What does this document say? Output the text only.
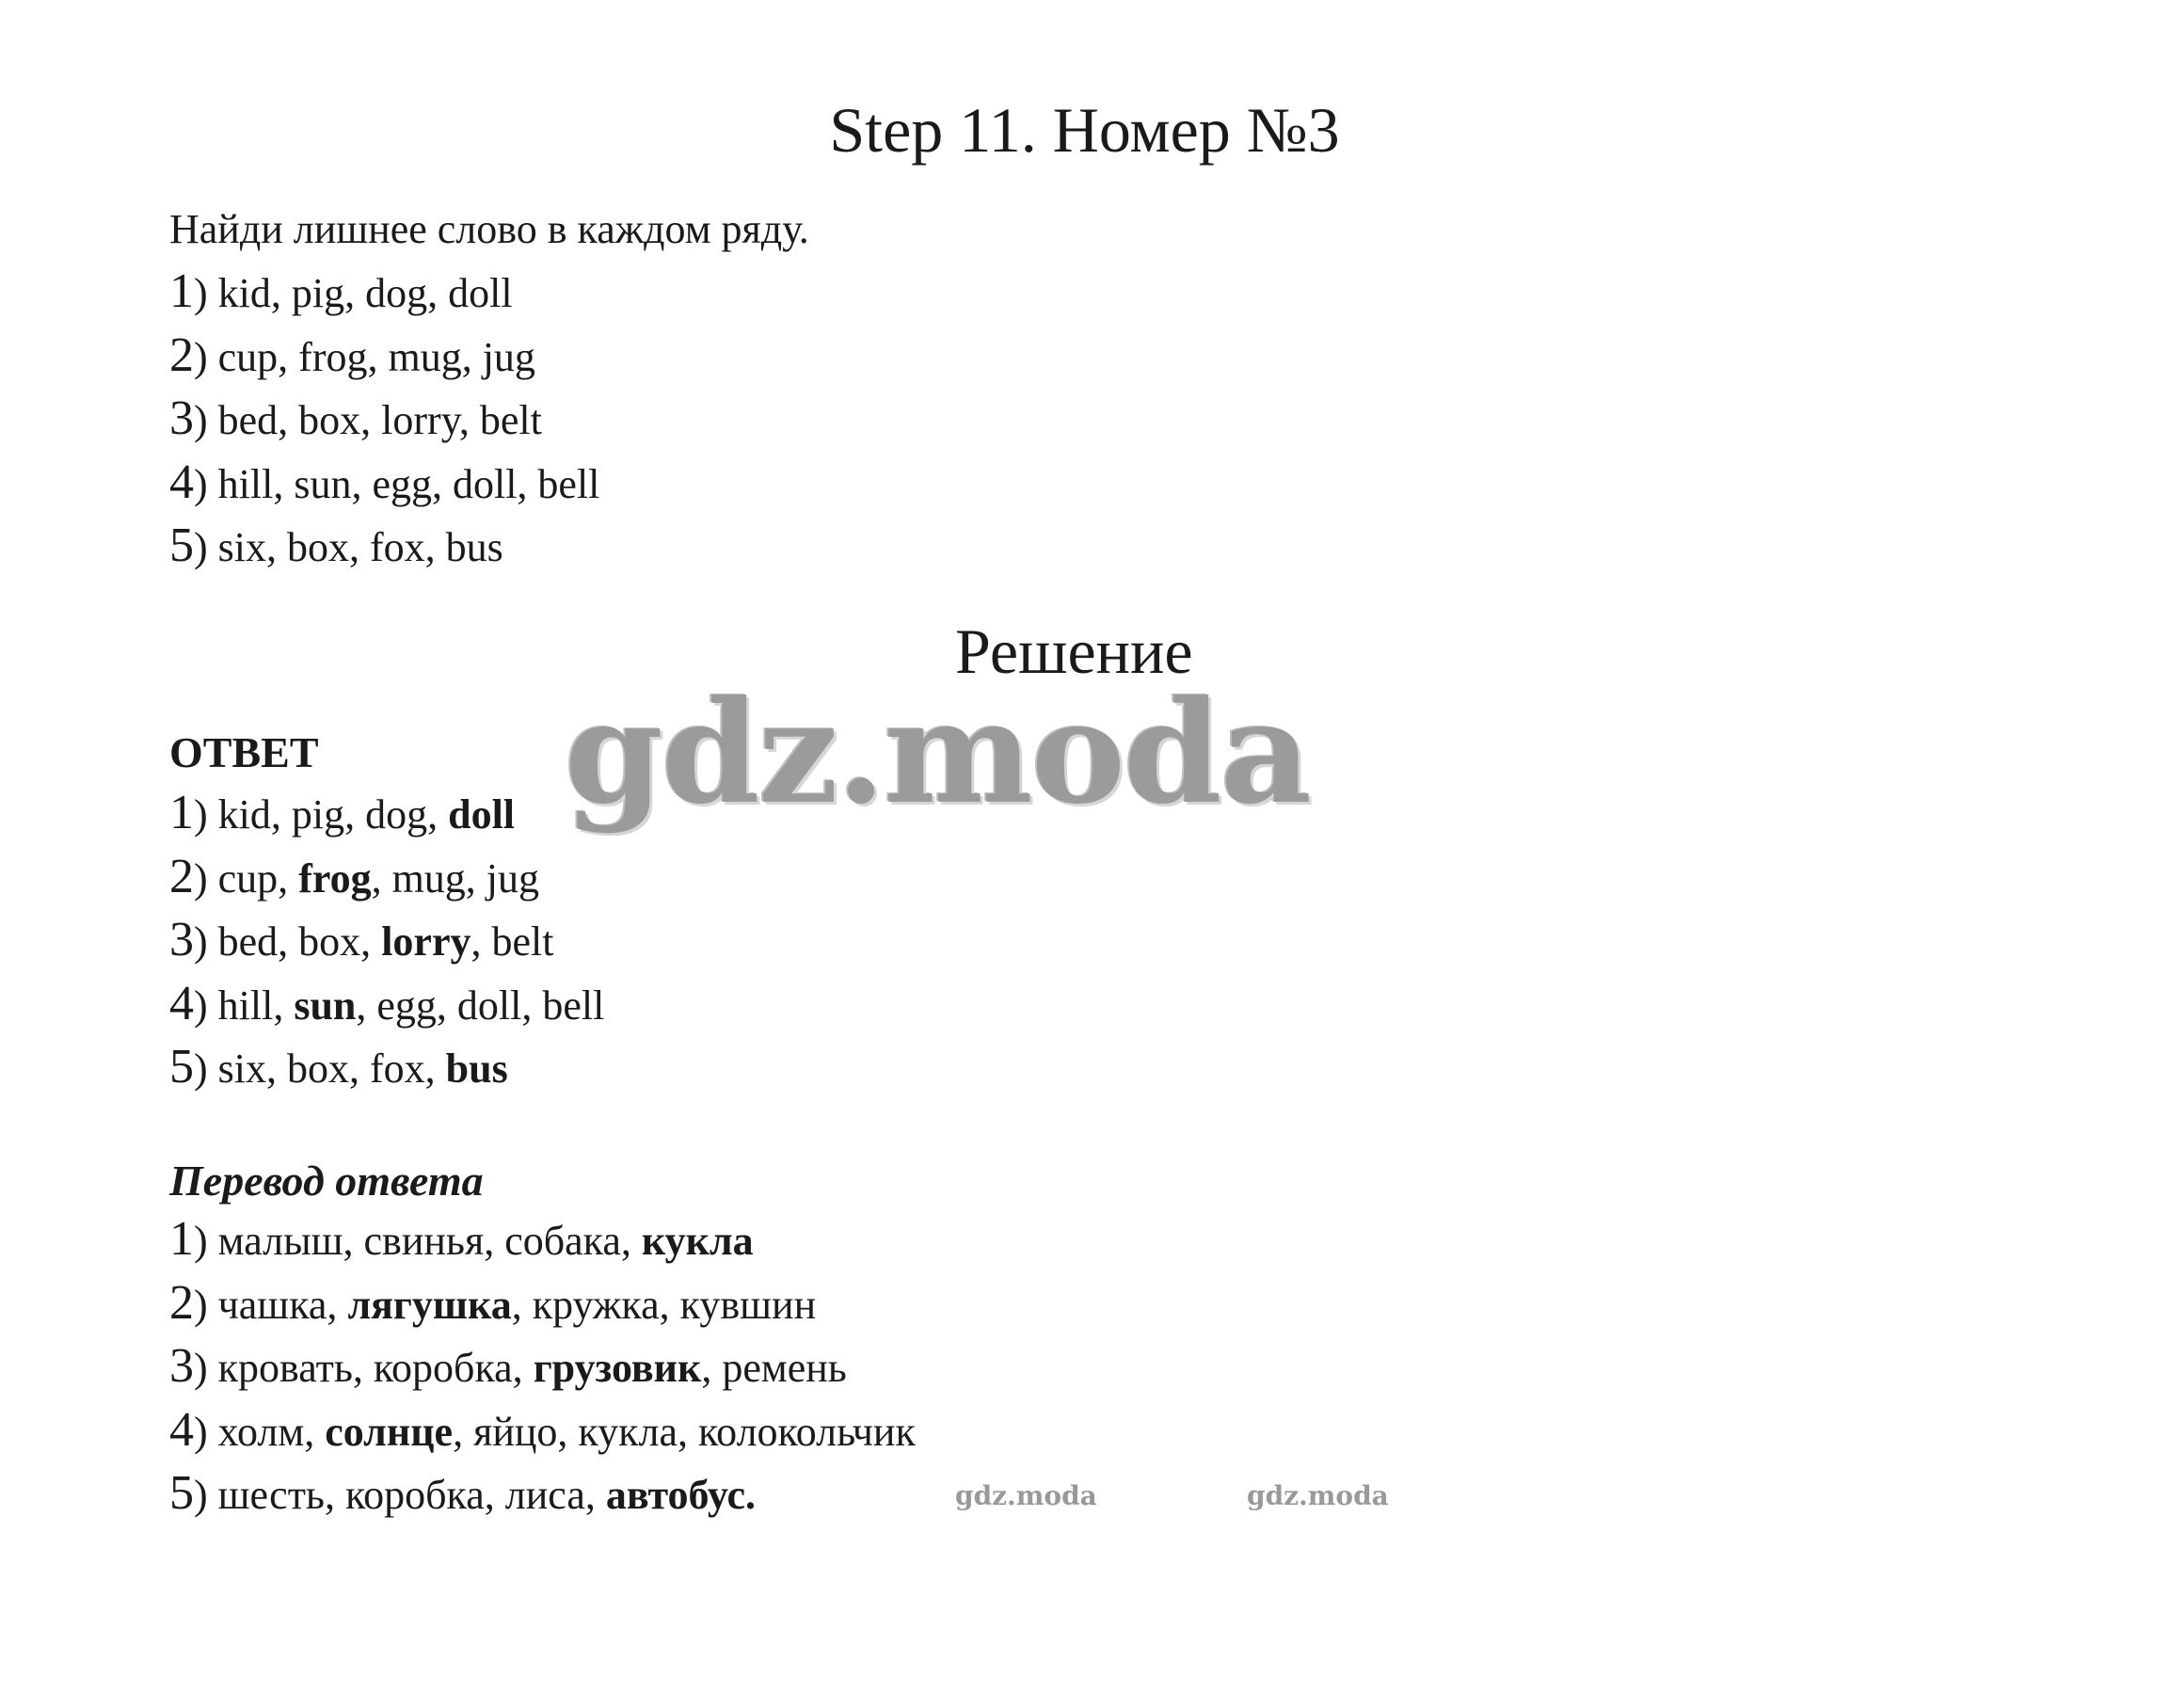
Step 11. Номер №3
Найди лишнее слово в каждом ряду.
1) kid, pig, dog, doll
2) cup, frog, mug, jug
3) bed, box, lorry, belt
4) hill, sun, egg, doll, bell
5) six, box, fox, bus
Решение
gdz.moda
ОТВЕТ
1) kid, pig, dog, doll
2) cup, frog, mug, jug
3) bed, box, lorry, belt
4) hill, sun, egg, doll, bell
5) six, box, fox, bus
Перевод ответа
1) малыш, свинья, собака, кукла
2) чашка, лягушка, кружка, кувшин
3) кровать, коробка, грузовик, ремень
4) холм, солнце, яйцо, кукла, колокольчик
5) шесть, коробка, лиса, автобус.	gdz.moda	gdz.moda
